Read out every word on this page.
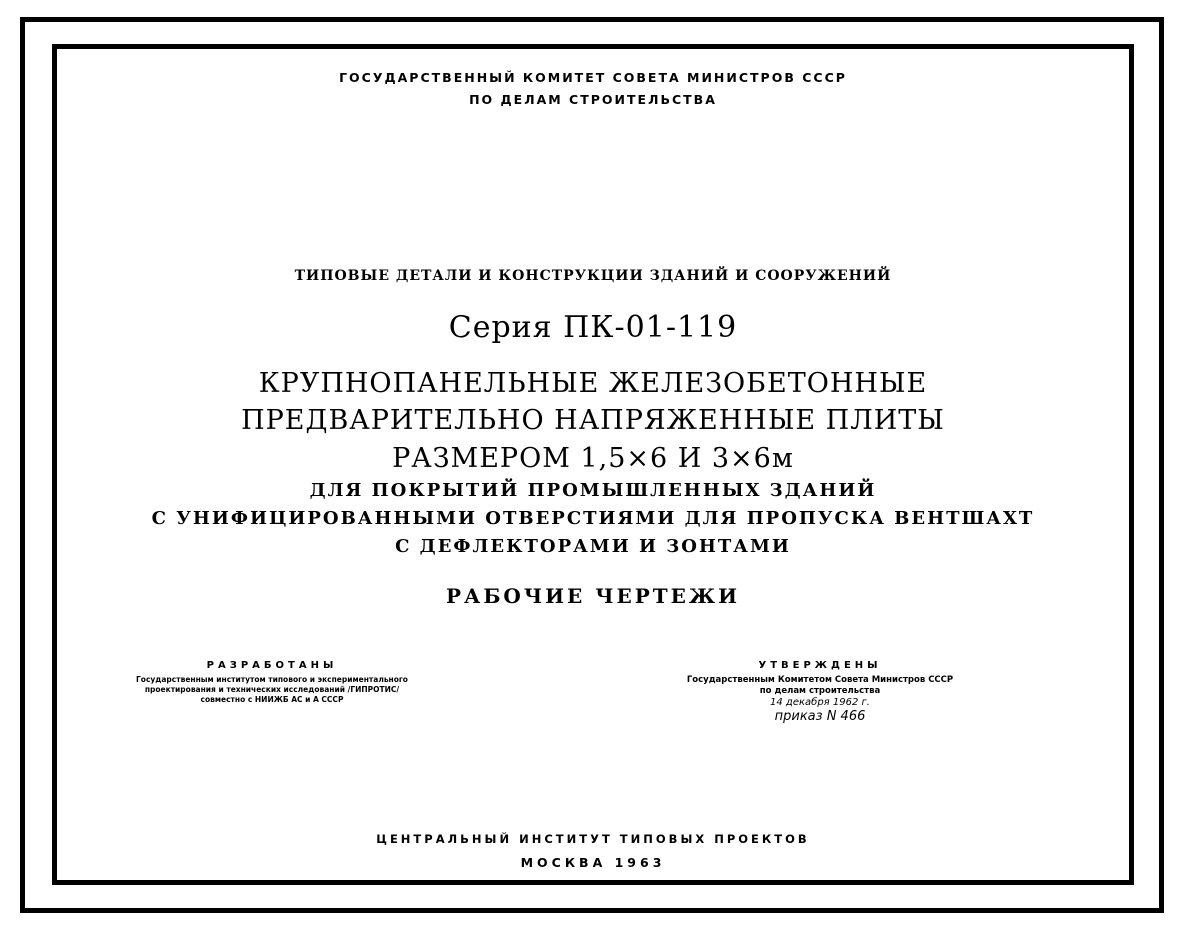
ГОСУДАРСТВЕННЫЙ КОМИТЕТ СОВЕТА МИНИСТРОВ СССР

ПО ДЕЛАМ СТРОИТЕЛЬСТВА

ТИПОВЫЕ ДЕТАЛИ И КОНСТРУКЦИИ ЗДАНИЙ И СООРУЖЕНИЙ

Серия ПК-01-119

КРУПНОПАНЕЛЬНЫЕ ЖЕЛЕЗОБЕТОННЫЕ

ПРЕДВАРИТЕЛЬНО НАПРЯЖЕННЫЕ ПЛИТЫ

РАЗМЕРОМ 1,5×6 И 3×6м

ДЛЯ ПОКРЫТИЙ ПРОМЫШЛЕННЫХ ЗДАНИЙ

С УНИФИЦИРОВАННЫМИ ОТВЕРСТИЯМИ ДЛЯ ПРОПУСКА ВЕНТШАХТ

С ДЕФЛЕКТОРАМИ И ЗОНТАМИ

РАБОЧИЕ ЧЕРТЕЖИ

РАЗРАБОТАНЫ
Государственным институтом типового и экспериментального
проектирования и технических исследований /ГИПРОТИС/
совместно с НИИЖБ АС и А СССР
УТВЕРЖДЕНЫ
Государственным Комитетом Совета Министров СССР
по делам строительства
14 декабря 1962 г.
приказ N 466

ЦЕНТРАЛЬНЫЙ ИНСТИТУТ ТИПОВЫХ ПРОЕКТОВ

МОСКВА 1963
